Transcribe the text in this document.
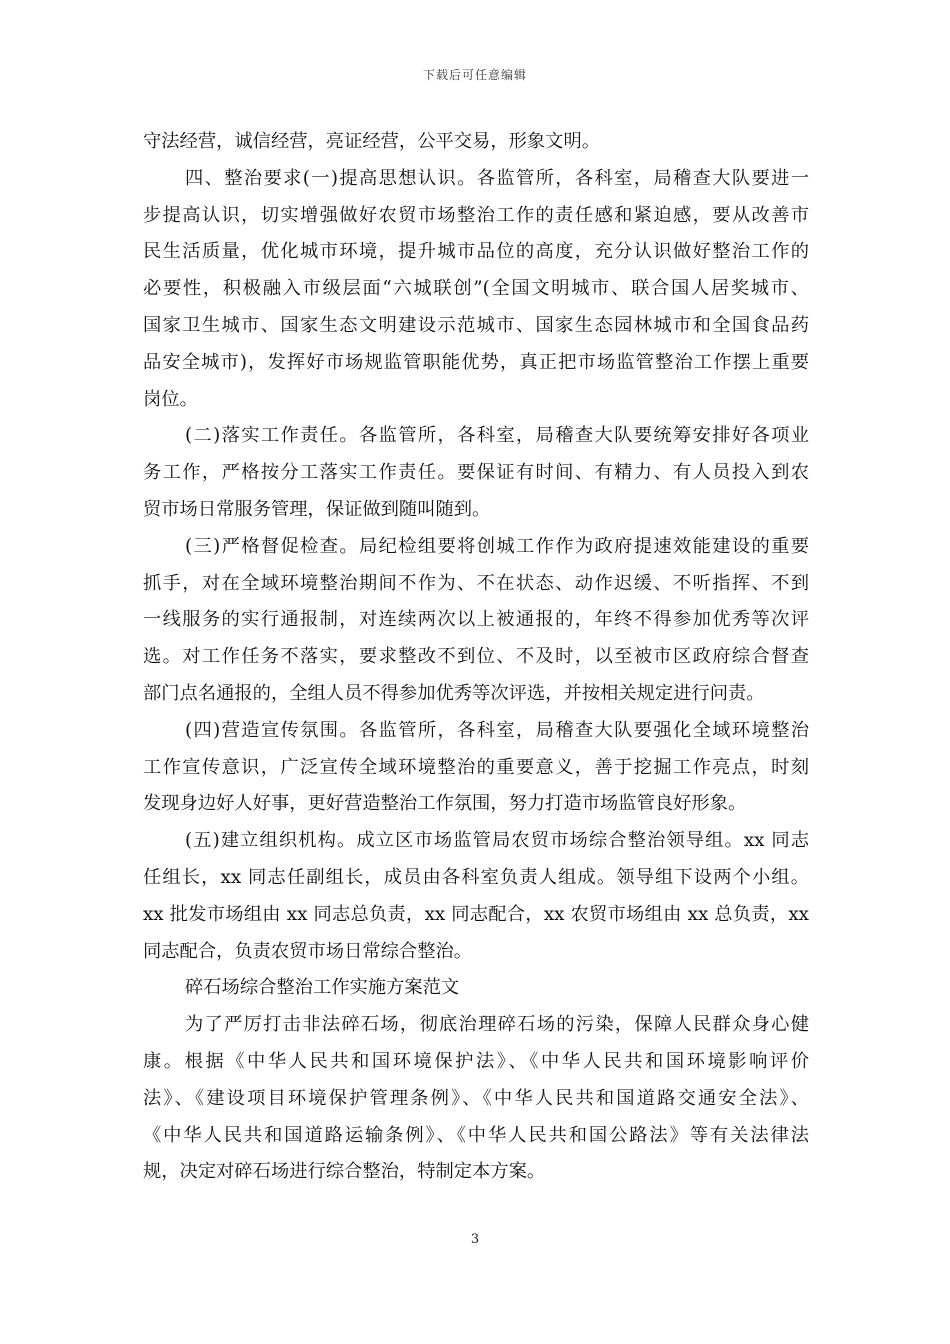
下载后可任意编辑
守法经营，诚信经营，亮证经营，公平交易，形象文明。
四、整治要求(一)提高思想认识。各监管所，各科室，局稽查大队要进一
步提高认识，切实增强做好农贸市场整治工作的责任感和紧迫感，要从改善市
民生活质量，优化城市环境，提升城市品位的高度，充分认识做好整治工作的
必要性，积极融入市级层面“六城联创”(全国文明城市、联合国人居奖城市、
国家卫生城市、国家生态文明建设示范城市、国家生态园林城市和全国食品药
品安全城市)，发挥好市场规监管职能优势，真正把市场监管整治工作摆上重要
岗位。
(二)落实工作责任。各监管所，各科室，局稽查大队要统筹安排好各项业
务工作，严格按分工落实工作责任。要保证有时间、有精力、有人员投入到农
贸市场日常服务管理，保证做到随叫随到。
(三)严格督促检查。局纪检组要将创城工作作为政府提速效能建设的重要
抓手，对在全域环境整治期间不作为、不在状态、动作迟缓、不听指挥、不到
一线服务的实行通报制，对连续两次以上被通报的，年终不得参加优秀等次评
选。对工作任务不落实，要求整改不到位、不及时，以至被市区政府综合督查
部门点名通报的，全组人员不得参加优秀等次评选，并按相关规定进行问责。
(四)营造宣传氛围。各监管所，各科室，局稽查大队要强化全域环境整治
工作宣传意识，广泛宣传全域环境整治的重要意义，善于挖掘工作亮点，时刻
发现身边好人好事，更好营造整治工作氛围，努力打造市场监管良好形象。
(五)建立组织机构。成立区市场监管局农贸市场综合整治领导组。xx 同志
任组长，xx 同志任副组长，成员由各科室负责人组成。领导组下设两个小组。
xx 批发市场组由 xx 同志总负责，xx 同志配合，xx 农贸市场组由 xx 总负责，xx
同志配合，负责农贸市场日常综合整治。
碎石场综合整治工作实施方案范文
为了严厉打击非法碎石场，彻底治理碎石场的污染，保障人民群众身心健
康。根据《中华人民共和国环境保护法》、《中华人民共和国环境影响评价
法》、《建设项目环境保护管理条例》、《中华人民共和国道路交通安全法》、
《中华人民共和国道路运输条例》、《中华人民共和国公路法》等有关法律法
规，决定对碎石场进行综合整治，特制定本方案。
3
